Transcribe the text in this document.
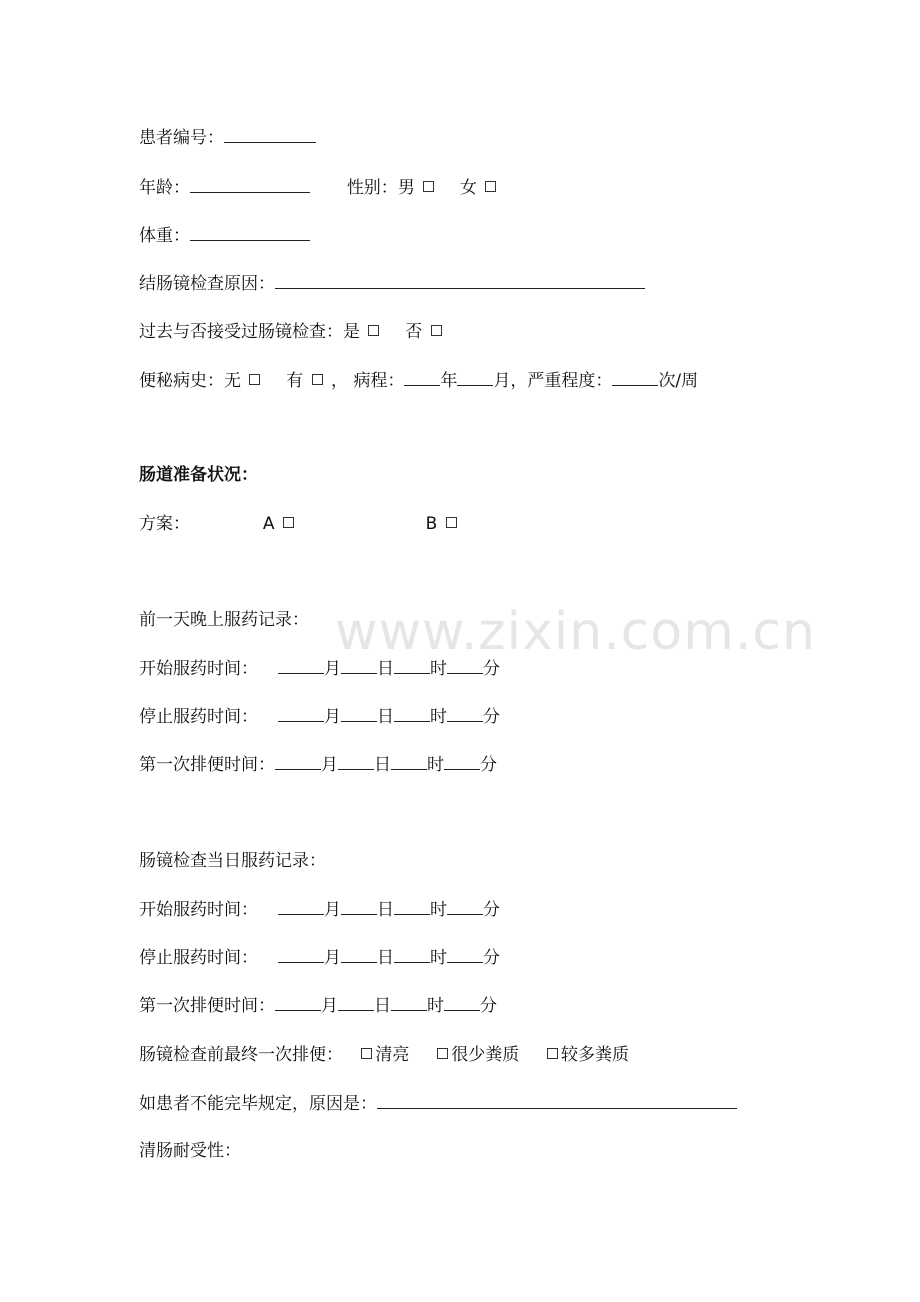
www.zixin.com.cn
患者编号：
年龄：	性别：男	女
体重：
结肠镜检查原因：
过去与否接受过肠镜检查：是	否
便秘病史：无	有 ， 病程： 年 月，严重程度：	次/周
肠道准备状况：
方案：	A	B
前一天晚上服药记录：
开始服药时间：	月 日 时 分
停止服药时间：	月 日 时 分
第一次排便时间：	月 日 时 分
肠镜检查当日服药记录：
开始服药时间：	月 日 时 分
停止服药时间：	月 日 时 分
第一次排便时间：	月 日 时 分
肠镜检查前最终一次排便： 清亮 很少粪质 较多粪质
如患者不能完毕规定，原因是：
清肠耐受性：
